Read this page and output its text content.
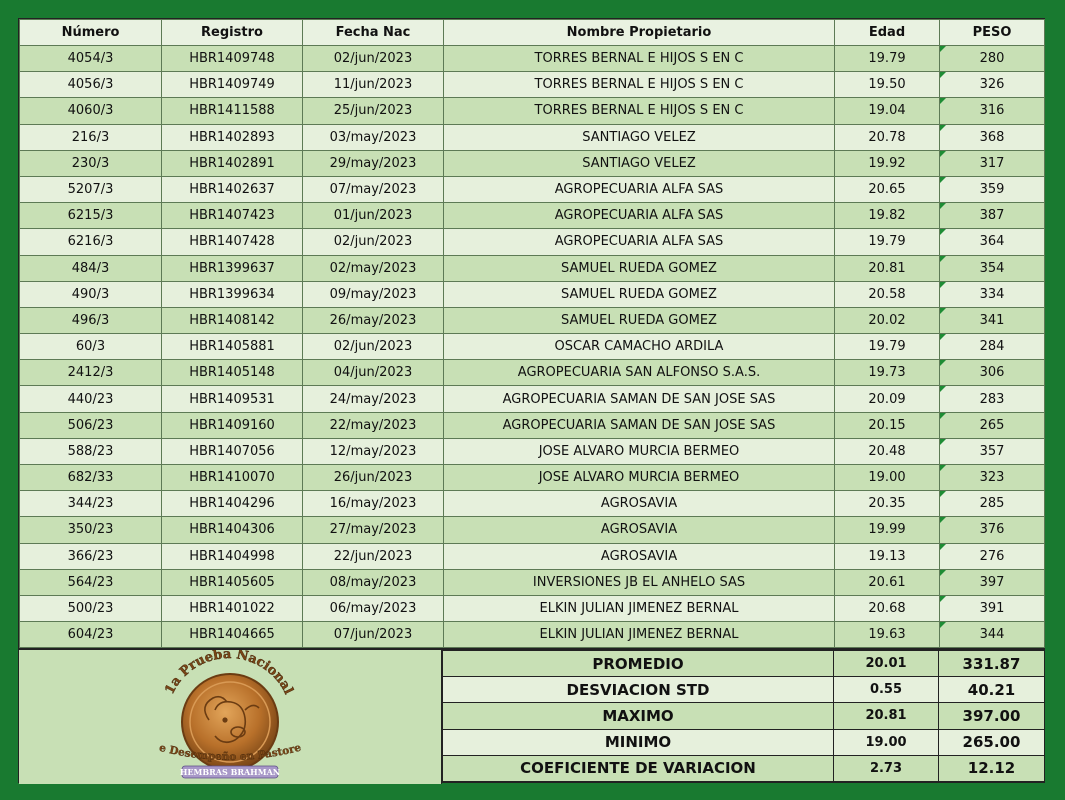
Número	Registro	Fecha Nac	Nombre Propietario	Edad	PESO
4054/3	HBR1409748	02/jun/2023	TORRES BERNAL E HIJOS S EN C	19.79	280
4056/3	HBR1409749	11/jun/2023	TORRES BERNAL E HIJOS S EN C	19.50	326
4060/3	HBR1411588	25/jun/2023	TORRES BERNAL E HIJOS S EN C	19.04	316
216/3	HBR1402893	03/may/2023	SANTIAGO VELEZ	20.78	368
230/3	HBR1402891	29/may/2023	SANTIAGO VELEZ	19.92	317
5207/3	HBR1402637	07/may/2023	AGROPECUARIA ALFA SAS	20.65	359
6215/3	HBR1407423	01/jun/2023	AGROPECUARIA ALFA SAS	19.82	387
6216/3	HBR1407428	02/jun/2023	AGROPECUARIA ALFA SAS	19.79	364
484/3	HBR1399637	02/may/2023	SAMUEL RUEDA GOMEZ	20.81	354
490/3	HBR1399634	09/may/2023	SAMUEL RUEDA GOMEZ	20.58	334
496/3	HBR1408142	26/may/2023	SAMUEL RUEDA GOMEZ	20.02	341
60/3	HBR1405881	02/jun/2023	OSCAR CAMACHO ARDILA	19.79	284
2412/3	HBR1405148	04/jun/2023	AGROPECUARIA SAN ALFONSO S.A.S.	19.73	306
440/23	HBR1409531	24/may/2023	AGROPECUARIA SAMAN DE SAN JOSE SAS	20.09	283
506/23	HBR1409160	22/may/2023	AGROPECUARIA SAMAN DE SAN JOSE SAS	20.15	265
588/23	HBR1407056	12/may/2023	JOSE ALVARO MURCIA BERMEO	20.48	357
682/33	HBR1410070	26/jun/2023	JOSE ALVARO MURCIA BERMEO	19.00	323
344/23	HBR1404296	16/may/2023	AGROSAVIA	20.35	285
350/23	HBR1404306	27/may/2023	AGROSAVIA	19.99	376
366/23	HBR1404998	22/jun/2023	AGROSAVIA	19.13	276
564/23	HBR1405605	08/may/2023	INVERSIONES JB EL ANHELO SAS	20.61	397
500/23	HBR1401022	06/may/2023	ELKIN JULIAN JIMENEZ BERNAL	20.68	391
604/23	HBR1404665	07/jun/2023	ELKIN JULIAN JIMENEZ BERNAL	19.63	344
1a Prueba Nacional
e Desempeño en Pastore
HEMBRAS BRAHMAN
PROMEDIO	20.01	331.87
DESVIACION STD	0.55	40.21
MAXIMO	20.81	397.00
MINIMO	19.00	265.00
COEFICIENTE DE VARIACION	2.73	12.12
